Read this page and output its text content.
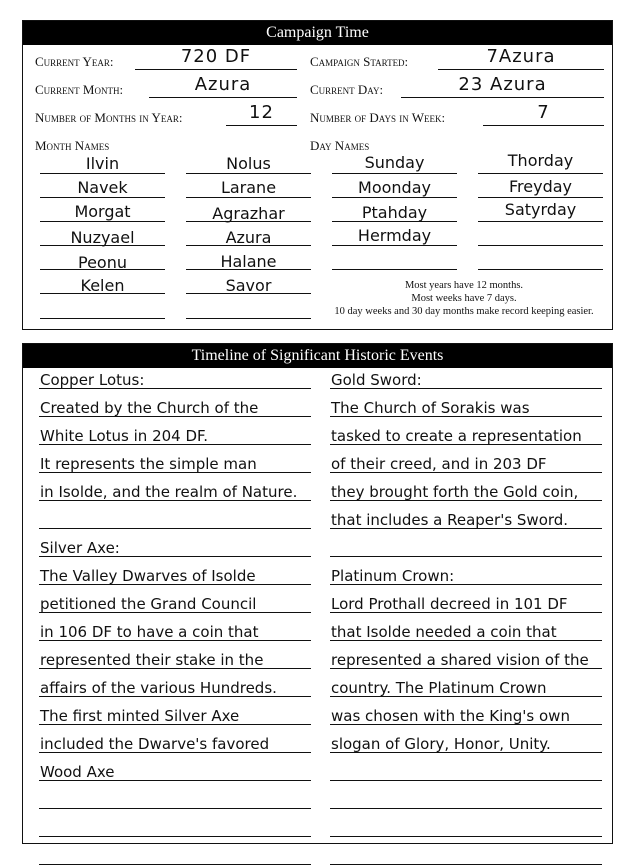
Campaign Time
Current Year:	720 DF	Campaign Started:	7Azura
Current Month:	Azura	Current Day:	23 Azura
Number of Months in Year:	12	Number of Days in Week:	7
Month Names	Day Names
Ilvin
Navek
Morgat
Nuzyael
Peonu
Kelen
Nolus
Larane
Agrazhar
Azura
Halane
Savor
Sunday
Moonday
Ptahday
Hermday
Thorday
Freyday
Satyrday
Most years have 12 months.
Most weeks have 7 days.
10 day weeks and 30 day months make record keeping easier.
Timeline of Significant Historic Events
Copper Lotus:
Created by the Church of the
White Lotus in 204 DF.
It represents the simple man
in Isolde, and the realm of Nature.
Silver Axe:
The Valley Dwarves of Isolde
petitioned the Grand Council
in 106 DF to have a coin that
represented their stake in the
affairs of the various Hundreds.
The first minted Silver Axe
included the Dwarve's favored
Wood Axe
Gold Sword:
The Church of Sorakis was
tasked to create a representation
of their creed, and in 203 DF
they brought forth the Gold coin,
that includes a Reaper's Sword.
Platinum Crown:
Lord Prothall decreed in 101 DF
that Isolde needed a coin that
represented a shared vision of the
country. The Platinum Crown
was chosen with the King's own
slogan of Glory, Honor, Unity.
